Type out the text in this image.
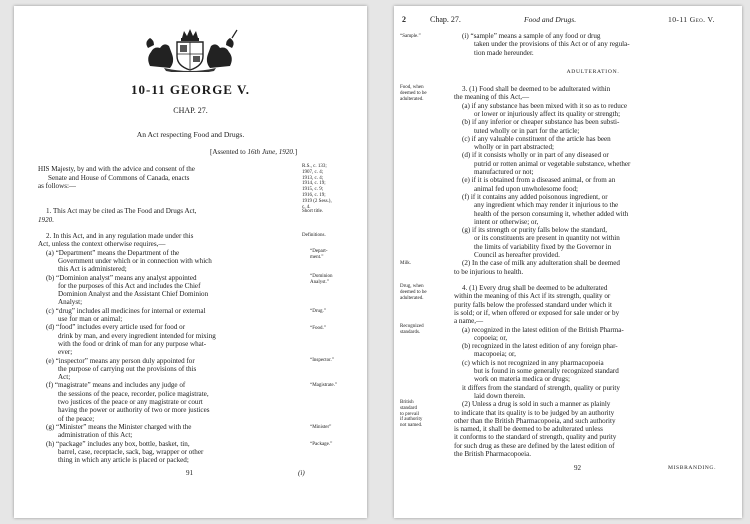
10-11 GEORGE V.
CHAP. 27.
An Act respecting Food and Drugs.
[Assented to 16th June, 1920.]
HIS Majesty, by and with the advice and consent of the
Senate and House of Commons of Canada, enacts
as follows:—
R.S., c. 133;
1907, c. 4;
1913, c. 4;
1914, c. 19;
1915, c. 9;
1916, c. 19;
1919 (2 Sess.),
c. 4.
1. This Act may be cited as The Food and Drugs Act,
1920.
Short title.
2. In this Act, and in any regulation made under this
Act, unless the context otherwise requires,—
(a) “Department” means the Department of the
Government under which or in connection with which
this Act is administered;
(b) “Dominion analyst” means any analyst appointed
for the purposes of this Act and includes the Chief
Dominion Analyst and the Assistant Chief Dominion
Analyst;
(c) “drug” includes all medicines for internal or external
use for man or animal;
(d) “food” includes every article used for food or
drink by man, and every ingredient intended for mixing
with the food or drink of man for any purpose what-
ever;
(e) “inspector” means any person duly appointed for
the purpose of carrying out the provisions of this
Act;
(f) “magistrate” means and includes any judge of
the sessions of the peace, recorder, police magistrate,
two justices of the peace or any magistrate or court
having the power or authority of two or more justices
of the peace;
(g) “Minister” means the Minister charged with the
administration of this Act;
(h) “package” includes any box, bottle, basket, tin,
barrel, case, receptacle, sack, bag, wrapper or other
thing in which any article is placed or packed;
Definitions.
“Depart-
ment.”
“Dominion
Analyst.”
“Drug.”
“Food.”
“Inspector.”
“Magistrate.”
“Minister”
“Package.”
91	(i)
2	Chap. 27.	Food and Drugs.	10-11 Geo. V.
“Sample.”	(i) “sample” means a sample of any food or drug
taken under the provisions of this Act or of any regula-
tion made hereunder.
ADULTERATION.
Food, when
deemed to be
adulterated.
3. (1) Food shall be deemed to be adulterated within
the meaning of this Act,—
(a) if any substance has been mixed with it so as to reduce
or lower or injuriously affect its quality or strength;
(b) if any inferior or cheaper substance has been substi-
tuted wholly or in part for the article;
(c) if any valuable constituent of the article has been
wholly or in part abstracted;
(d) if it consists wholly or in part of any diseased or
putrid or rotten animal or vegetable substance, whether
manufactured or not;
(e) if it is obtained from a diseased animal, or from an
animal fed upon unwholesome food;
(f) if it contains any added poisonous ingredient, or
any ingredient which may render it injurious to the
health of the person consuming it, whether added with
intent or otherwise; or,
(g) if its strength or purity falls below the standard,
or its constituents are present in quantity not within
the limits of variability fixed by the Governor in
Council as hereafter provided.
(2) In the case of milk any adulteration shall be deemed
to be injurious to health.
Milk.
Drug, when
deemed to be
adulterated.
4. (1) Every drug shall be deemed to be adulterated
within the meaning of this Act if its strength, quality or
purity falls below the professed standard under which it
is sold; or if, when offered or exposed for sale under or by
a name,—
(a) recognized in the latest edition of the British Pharma-
copoeia; or,
(b) recognized in the latest edition of any foreign phar-
macopoeia; or,
(c) which is not recognized in any pharmacopoeia
but is found in some generally recognized standard
work on materia medica or drugs;
it differs from the standard of strength, quality or purity
laid down therein.
(2) Unless a drug is sold in such a manner as plainly
to indicate that its quality is to be judged by an authority
other than the British Pharmacopoeia, and such authority
is named, it shall be deemed to be adulterated unless
it conforms to the standard of strength, quality and purity
for such drug as these are defined by the latest edition of
the British Pharmacopoeia.
Recognized
standards.
British
standard
to prevail
if authority
not named.
92	MISBRANDING.
